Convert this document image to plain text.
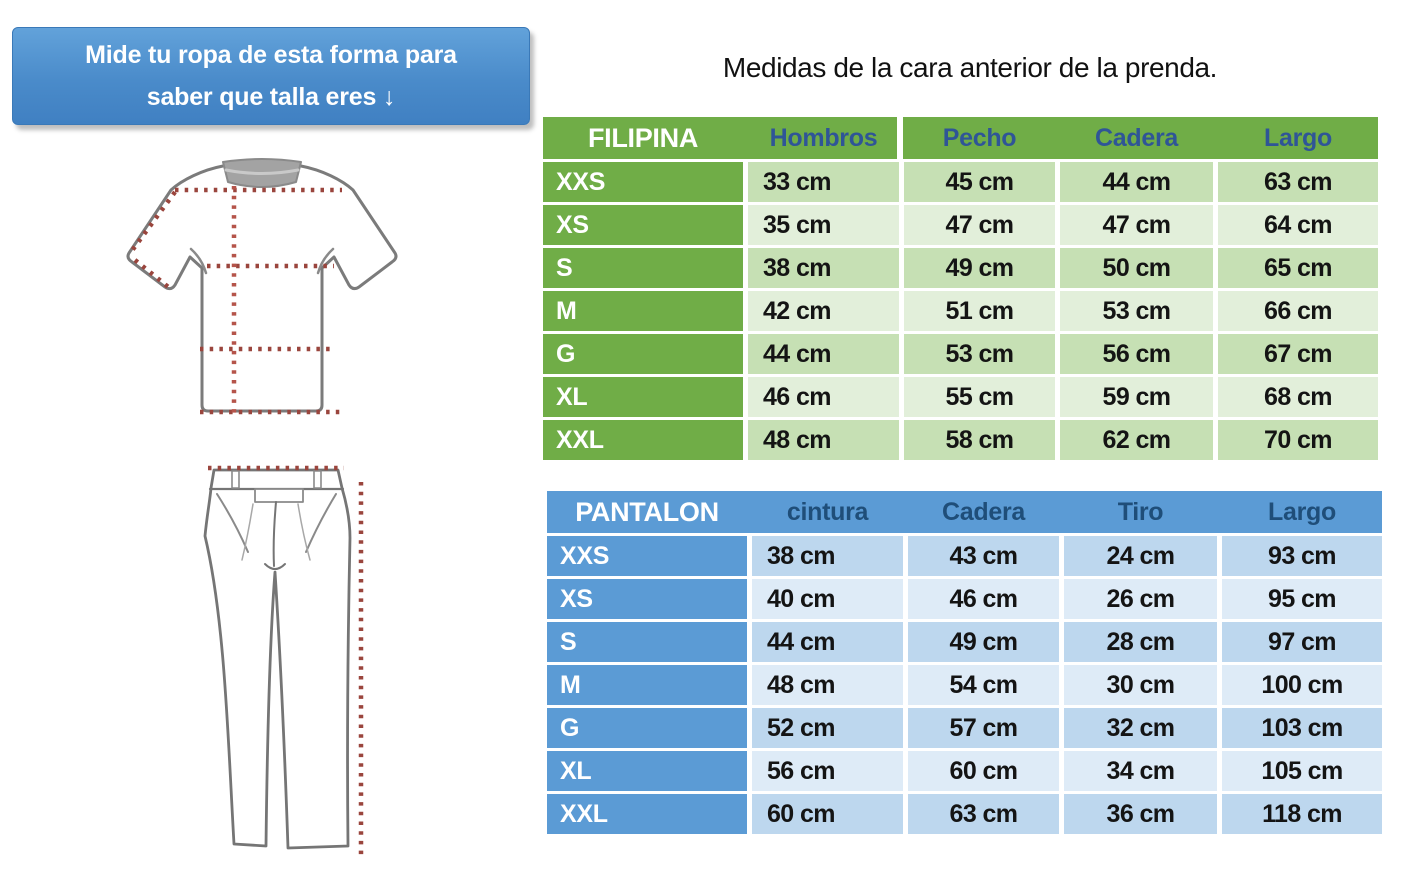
Mide tu ropa de esta forma para
saber que talla eres ↓
Medidas de la cara anterior de la prenda.
FILIPINA	Hombros	Pecho	Cadera	Largo
XXS	33 cm	45 cm	44 cm	63 cm
XS	35 cm	47 cm	47 cm	64 cm
S	38 cm	49 cm	50 cm	65 cm
M	42 cm	51 cm	53 cm	66 cm
G	44 cm	53 cm	56 cm	67 cm
XL	46 cm	55 cm	59 cm	68 cm
XXL	48 cm	58 cm	62 cm	70 cm
PANTALON	cintura	Cadera	Tiro	Largo
XXS	38 cm	43 cm	24 cm	93 cm
XS	40 cm	46 cm	26 cm	95 cm
S	44 cm	49 cm	28 cm	97 cm
M	48 cm	54 cm	30 cm	100 cm
G	52 cm	57 cm	32 cm	103 cm
XL	56 cm	60 cm	34 cm	105 cm
XXL	60 cm	63 cm	36 cm	118 cm
